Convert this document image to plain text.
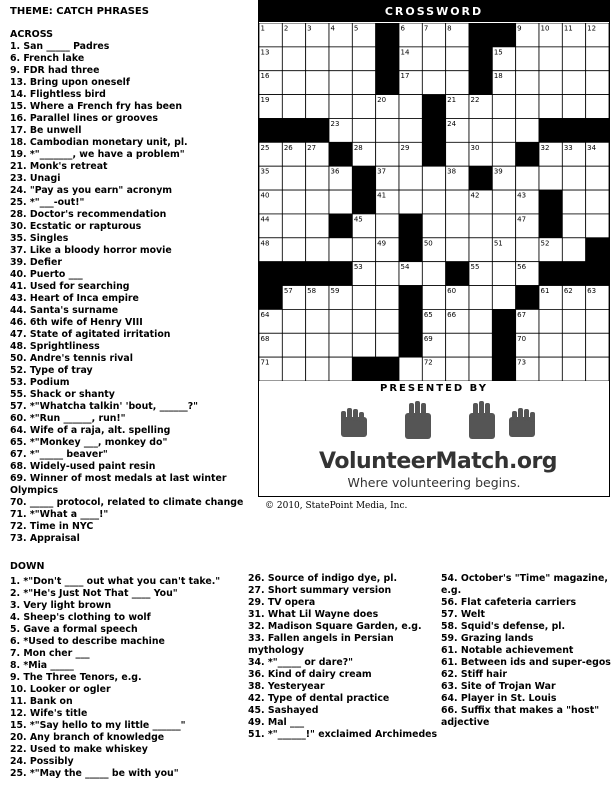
THEME: CATCH PHRASES
ACROSS
1. San _____ Padres
6. French lake
9. FDR had three
13. Bring upon oneself
14. Flightless bird
15. Where a French fry has been
16. Parallel lines or grooves
17. Be unwell
18. Cambodian monetary unit, pl.
19. *"_______, we have a problem"
21. Monk's retreat
23. Unagi
24. "Pay as you earn" acronym
25. *"___-out!"
28. Doctor's recommendation
30. Ecstatic or rapturous
35. Singles
37. Like a bloody horror movie
39. Defier
40. Puerto ___
41. Used for searching
43. Heart of Inca empire
44. Santa's surname
46. 6th wife of Henry VIII
47. State of agitated irritation
48. Sprightliness
50. Andre's tennis rival
52. Type of tray
53. Podium
55. Shack or shanty
57. *"Whatcha talkin' 'bout, ______?"
60. *"Run ______, run!"
64. Wife of a raja, alt. spelling
65. *"Monkey ___, monkey do"
67. *"_____ beaver"
68. Widely-used paint resin
69. Winner of most medals at last winter Olympics
70. _____ protocol, related to climate change
71. *"What a ____!"
72. Time in NYC
73. Appraisal
DOWN
1. *"Don't ____ out what you can't take."
2. *"He's Just Not That ____ You"
3. Very light brown
4. Sheep's clothing to wolf
5. Gave a formal speech
6. *Used to describe machine
7. Mon cher ___
8. *Mia _____
9. The Three Tenors, e.g.
10. Looker or ogler
11. Bank on
12. Wife's title
15. *"Say hello to my little ______"
20. Any branch of knowledge
22. Used to make whiskey
24. Possibly
25. *"May the _____ be with you"
26. Source of indigo dye, pl.
27. Short summary version
29. TV opera
31. What Lil Wayne does
32. Madison Square Garden, e.g.
33. Fallen angels in Persian mythology
34. *"_____ or dare?"
36. Kind of dairy cream
38. Yesteryear
42. Type of dental practice
45. Sashayed
49. Mal ___
51. *"______!" exclaimed Archimedes
54. October's "Time" magazine, e.g.
56. Flat cafeteria carriers
57. Welt
58. Squid's defense, pl.
59. Grazing lands
61. Notable achievement
61. Between ids and super-egos
62. Stiff hair
63. Site of Trojan War
64. Player in St. Louis
66. Suffix that makes a "host" adjective
CROSSWORD
1	2	3	4	5	6	7	8	9	10 11 12
13	14	15
16	17	18
19	20	21 22
23	24
25 26 27	28	29	30	32 33 34
35	36	37	38	39
40	41	42	43
44	45	47
48	49	50	51	52
53	54	55	56
57 58 59	60	61 62 63
64	65 66	67
68	69	70
71	72	73
PRESENTED BY
VolunteerMatch.org
Where volunteering begins.
© 2010, StatePoint Media, Inc.
